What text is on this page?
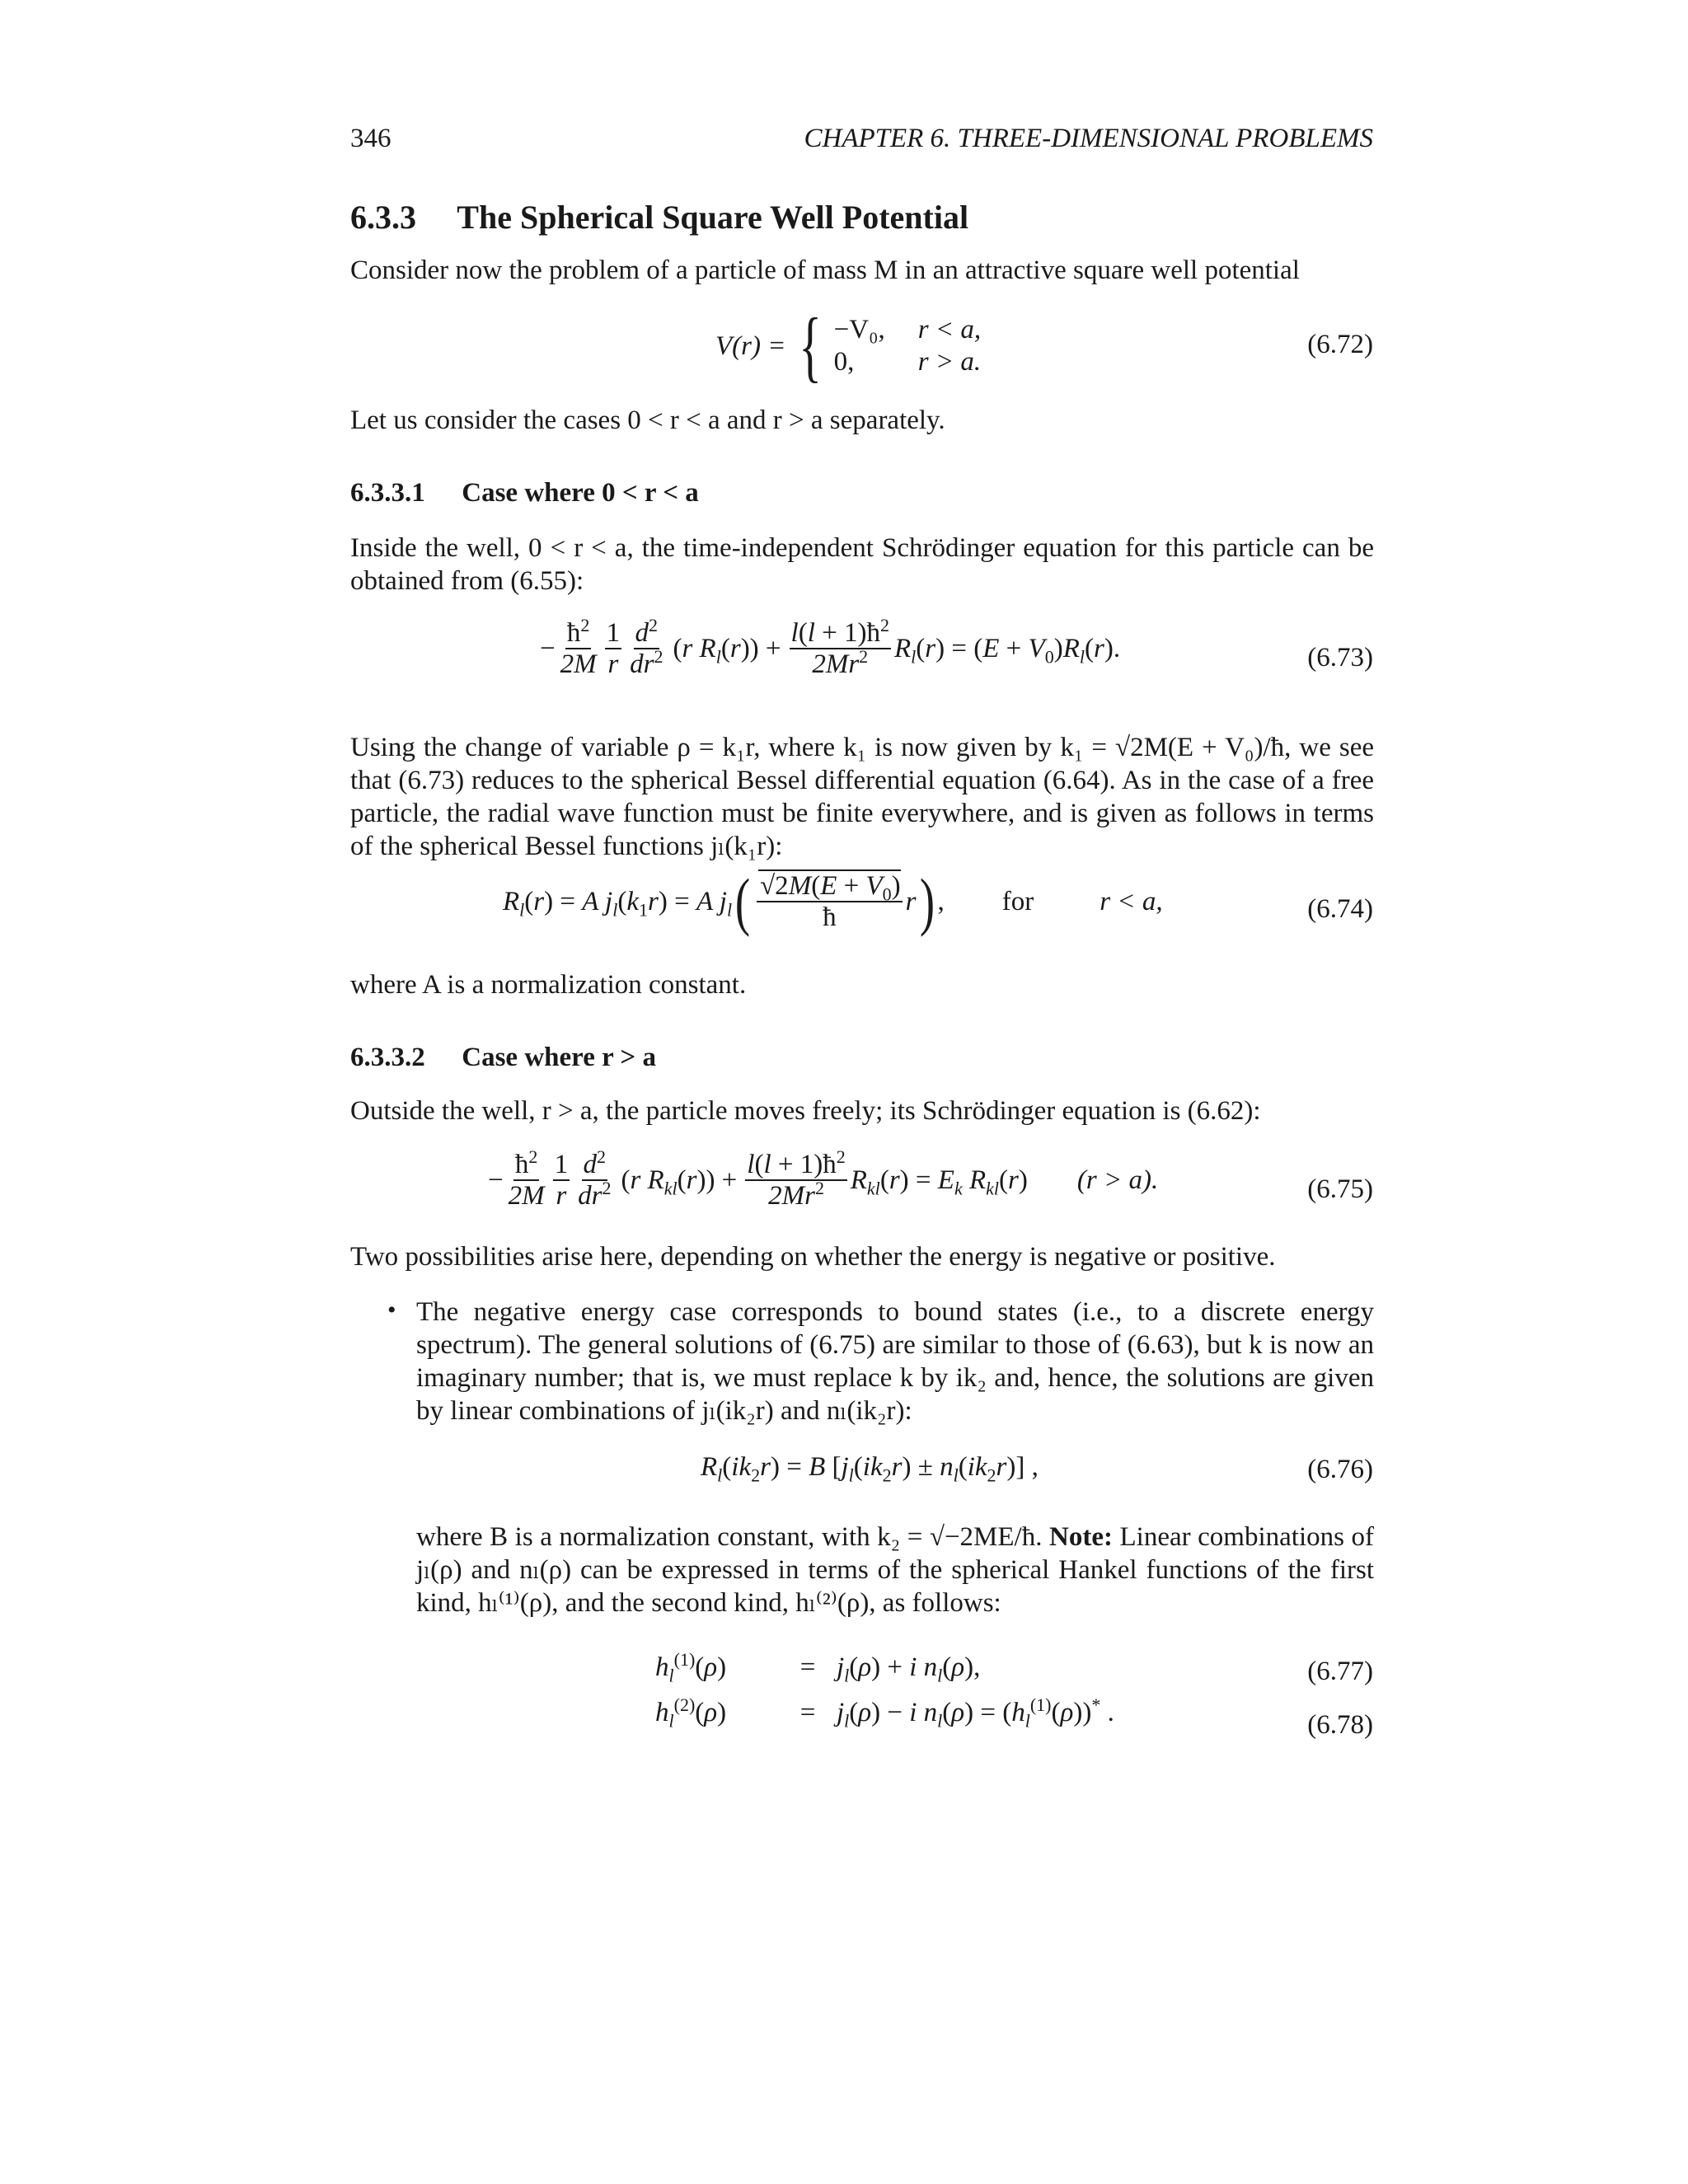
346	CHAPTER 6. THREE-DIMENSIONAL PROBLEMS
6.3.3 The Spherical Square Well Potential
Consider now the problem of a particle of mass M in an attractive square well potential
V(r) = { −V₀, r < a,
0,	r > a.
(6.72)
Let us consider the cases 0 < r < a and r > a separately.
6.3.3.1 Case where 0 < r < a
Inside the well, 0 < r < a, the time-independent Schrödinger equation for this particle can be obtained from (6.55):
− $\frac{ħ^2}{2M} \frac{1}{r} \frac{d^2}{dr^2} (r$ $R_l(r)) + \frac{l(l + 1)ħ^2}{2Mr^2} R_l(r) = (E + V_0)R_l(r)$.	(6.73)
Using the change of variable ρ = k₁r, where k₁ is now given by k₁ = √2M(E + V₀)/ħ, we see that (6.73) reduces to the spherical Bessel differential equation (6.64). As in the case of a free particle, the radial wave function must be finite everywhere, and is given as follows in terms of the spherical Bessel functions jₗ(k₁r):
$R_l(r) = A$ $j_l(k_1r) = A$ $j_l$ ( $\frac{√2M(E + V_0)}{ħ}$ r ) , for r < a,	(6.74)
where A is a normalization constant.
6.3.3.2 Case where r > a
Outside the well, r > a, the particle moves freely; its Schrödinger equation is (6.62):
− $\frac{ħ^2}{2M} \frac{1}{r} \frac{d^2}{dr^2} (r$ $R_{kl}(r)) + \frac{l(l + 1)ħ^2}{2Mr^2} R_{kl}(r) = E_k$ $R_{kl}(r) (r > a)$.	(6.75)
Two possibilities arise here, depending on whether the energy is negative or positive.
• The negative energy case corresponds to bound states (i.e., to a discrete energy spectrum). The general solutions of (6.75) are similar to those of (6.63), but k is now an imaginary number; that is, we must replace k by ik₂ and, hence, the solutions are given by linear combinations of jₗ(ik₂r) and nₗ(ik₂r):
$R_l(ik_2r) = B$ $[j_l(ik_2r) \pm n_l(ik_2r)]$ ,	(6.76)
where B is a normalization constant, with k₂ = √−2ME/ħ. Note: Linear combinations of jₗ(ρ) and nₗ(ρ) can be expressed in terms of the spherical Hankel functions of the first kind, hₗ⁽¹⁾(ρ), and the second kind, hₗ⁽²⁾(ρ), as follows:
$h_l^{(1)}(\rho)$	= $j_l(\rho) + i$ $n_l(\rho)$,
$h_l^{(2)}(\rho)$	= $j_l(\rho) - i$ $n_l(\rho) = (h_l^{(1)}(\rho))^*$ .
(6.77)
(6.78)
